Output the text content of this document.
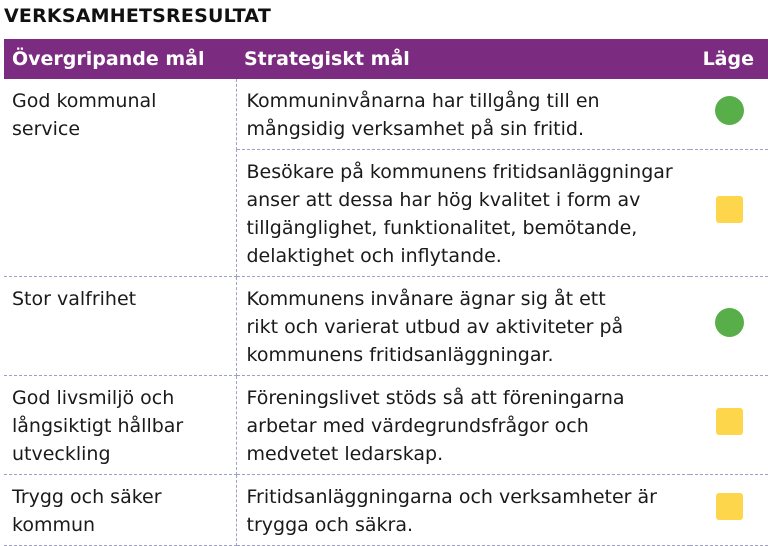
VERKSAMHETSRESULTAT
Övergripande mål	Strategiskt mål	Läge

God kommunal
service	Kommuninvånarna har tillgång till en
mångsidig verksamhet på sin fritid.	

	Besökare på kommunens fritidsanläggningar
anser att dessa har hög kvalitet i form av
tillgänglighet, funktionalitet, bemötande,
delaktighet och inflytande.	

Stor valfrihet	Kommunens invånare ägnar sig åt ett
rikt och varierat utbud av aktiviteter på
kommunens fritidsanläggningar.	

God livsmiljö och
långsiktigt hållbar
utveckling	Föreningslivet stöds så att föreningarna
arbetar med värdegrundsfrågor och
medvetet ledarskap.	

Trygg och säker
kommun	Fritidsanläggningarna och verksamheter är
trygga och säkra.	
